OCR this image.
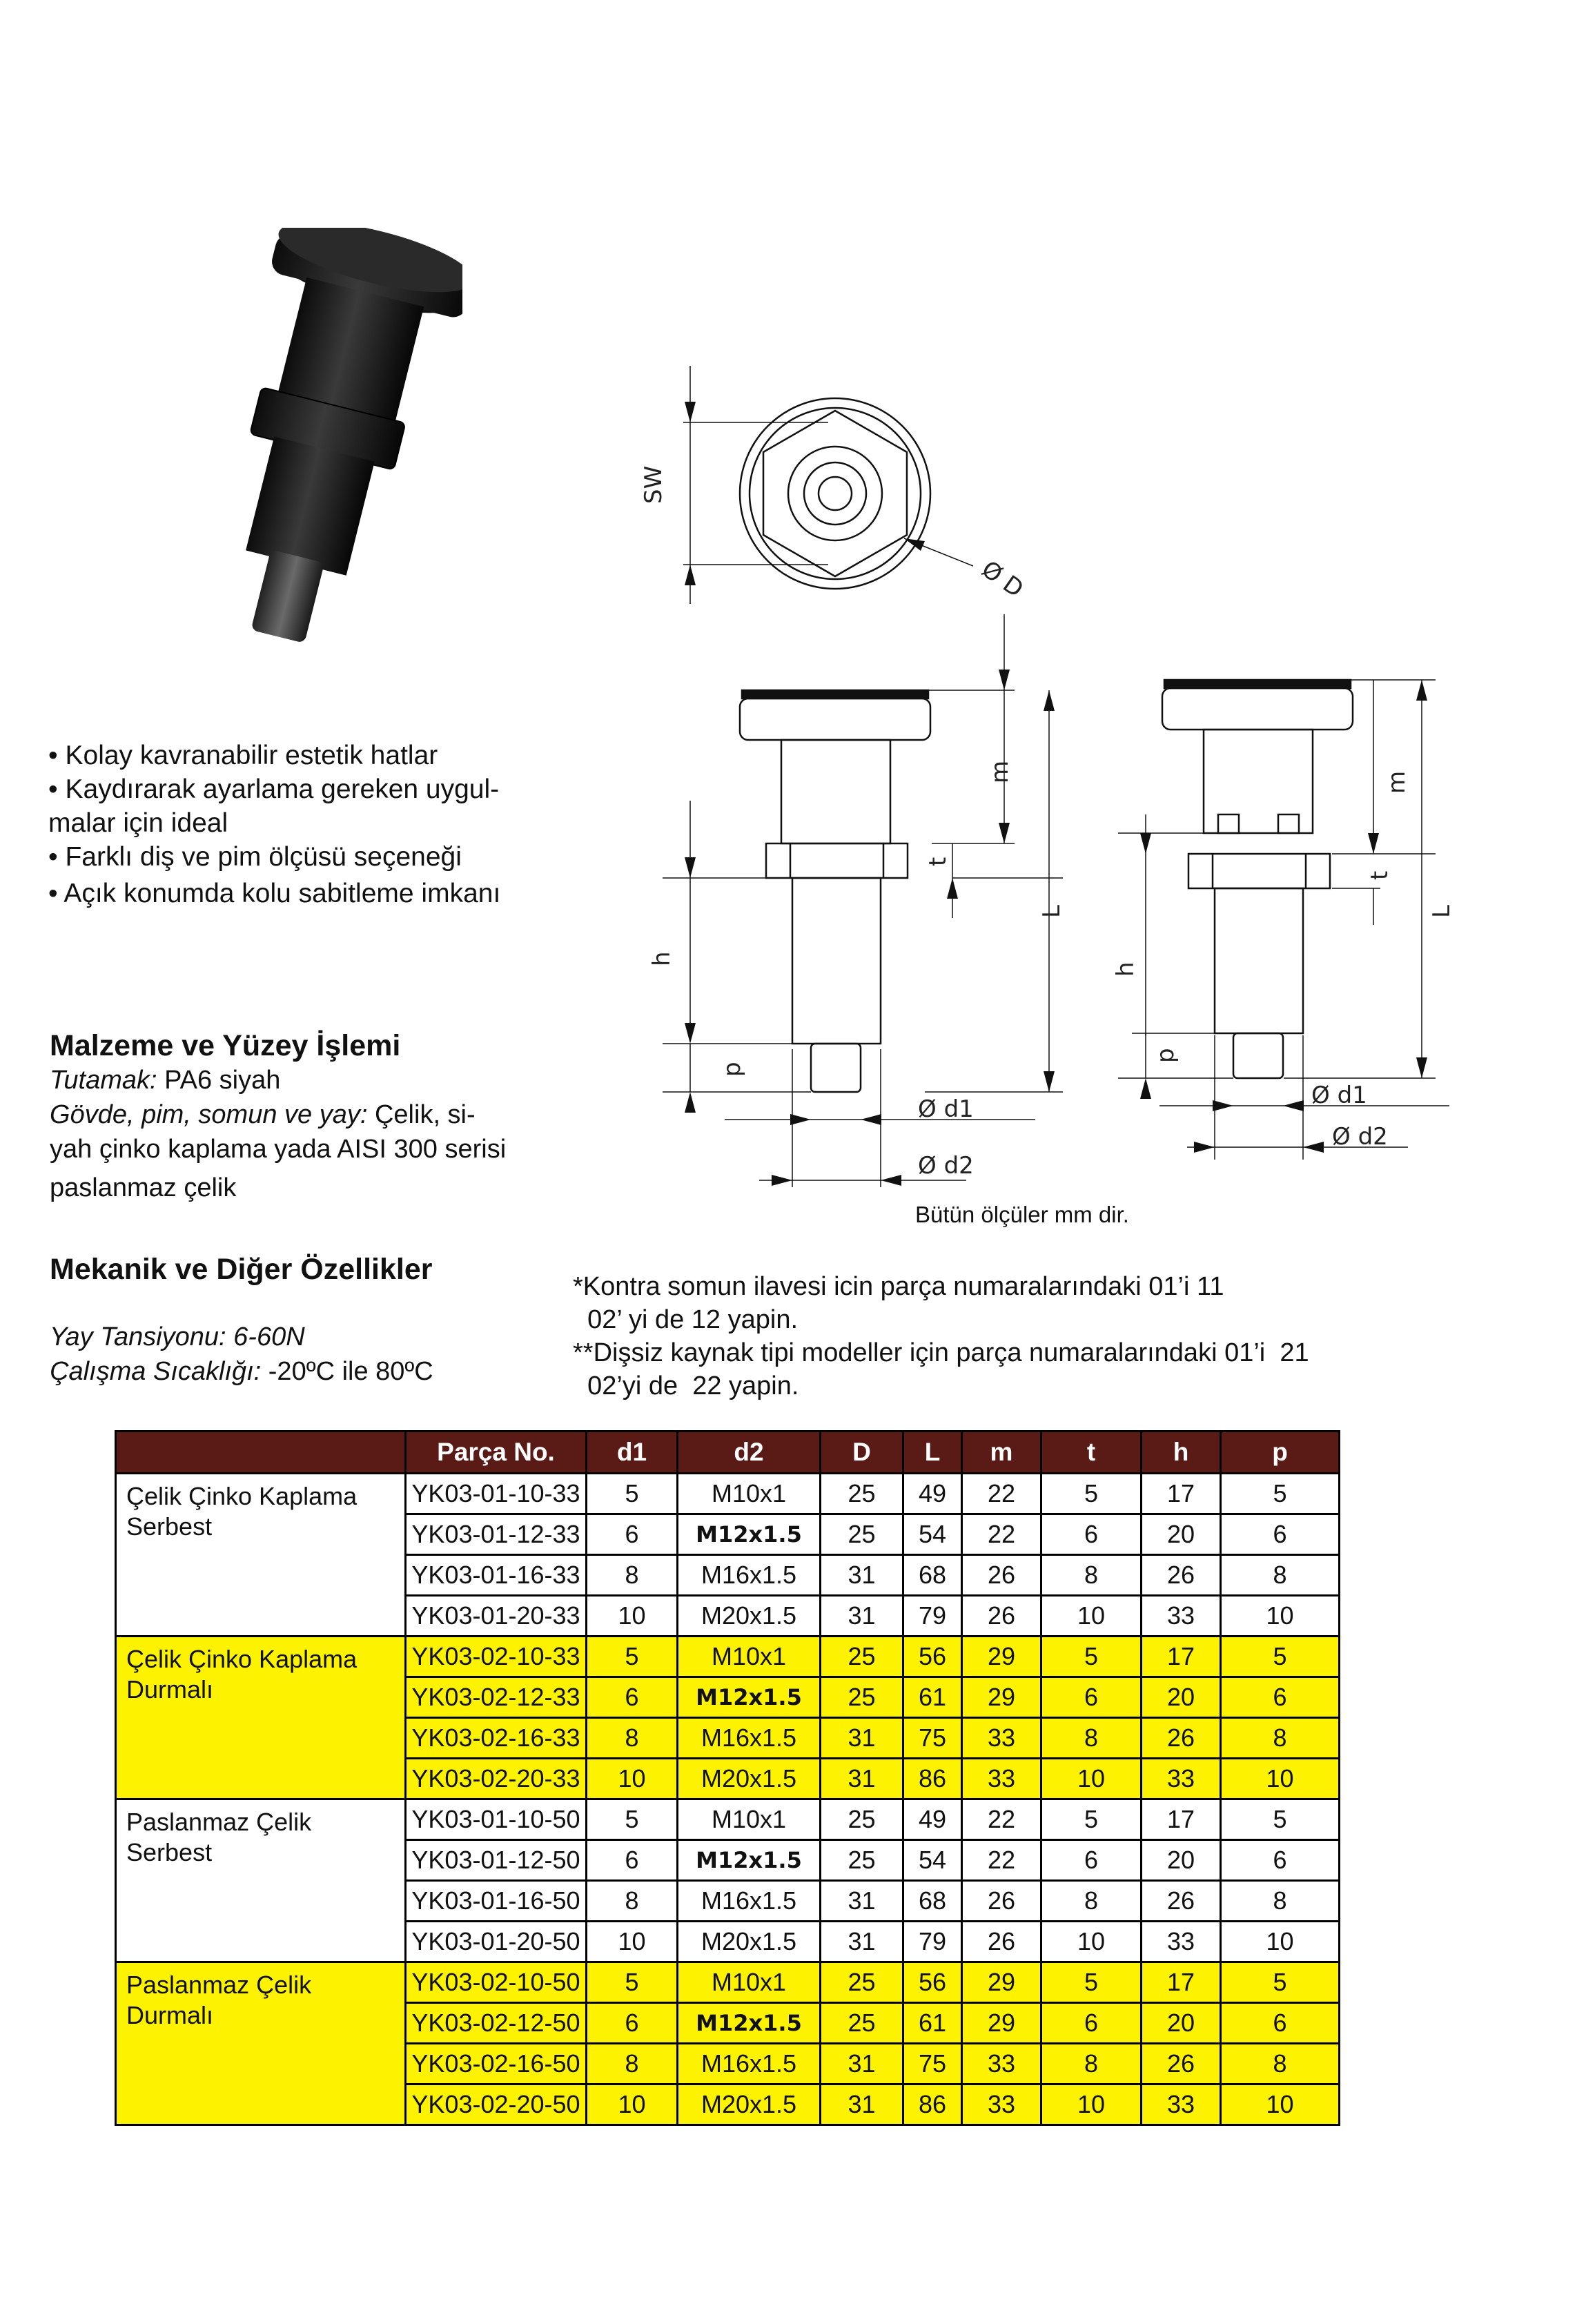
• Kolay kavranabilir estetik hatlar
• Kaydırarak ayarlama gereken uygul-
malar için ideal
• Farklı diş ve pim ölçüsü seçeneği
• Açık konumda kolu sabitleme imkanı
Malzeme ve Yüzey İşlemi
Tutamak: PA6 siyah
Gövde, pim, somun ve yay: Çelik, si-
yah çinko kaplama yada AISI 300 serisi
paslanmaz çelik
Mekanik ve Diğer Özellikler
Yay Tansiyonu: 6-60N
Çalışma Sıcaklığı: -20ºC ile 80ºC
SW
Ø D
h
p
m
t
L
Ø d1
Ø d2
h
p
m
t
L
Ø d1
Ø d2
Bütün ölçüler mm dir.
*Kontra somun ilavesi icin parça numaralarındaki 01’i 11
02’ yi de 12 yapin.
**Dişsiz kaynak tipi modeller için parça numaralarındaki 01’i  21
02’yi de  22 yapin.
	Parça No.	d1	d2	D	L	m	t	h	p

Çelik Çinko Kaplama
Serbest	YK03-01-10-33	5	M10x1	25	49	22	5	17	5
	YK03-01-12-33	6	M12x1.5	25	54	22	6	20	6
	YK03-01-16-33	8	M16x1.5	31	68	26	8	26	8
	YK03-01-20-33	10	M20x1.5	31	79	26	10	33	10

Çelik Çinko Kaplama
Durmalı	YK03-02-10-33	5	M10x1	25	56	29	5	17	5
	YK03-02-12-33	6	M12x1.5	25	61	29	6	20	6
	YK03-02-16-33	8	M16x1.5	31	75	33	8	26	8
	YK03-02-20-33	10	M20x1.5	31	86	33	10	33	10

Paslanmaz Çelik
Serbest	YK03-01-10-50	5	M10x1	25	49	22	5	17	5
	YK03-01-12-50	6	M12x1.5	25	54	22	6	20	6
	YK03-01-16-50	8	M16x1.5	31	68	26	8	26	8
	YK03-01-20-50	10	M20x1.5	31	79	26	10	33	10

Paslanmaz Çelik
Durmalı	YK03-02-10-50	5	M10x1	25	56	29	5	17	5
	YK03-02-12-50	6	M12x1.5	25	61	29	6	20	6
	YK03-02-16-50	8	M16x1.5	31	75	33	8	26	8
	YK03-02-20-50	10	M20x1.5	31	86	33	10	33	10
